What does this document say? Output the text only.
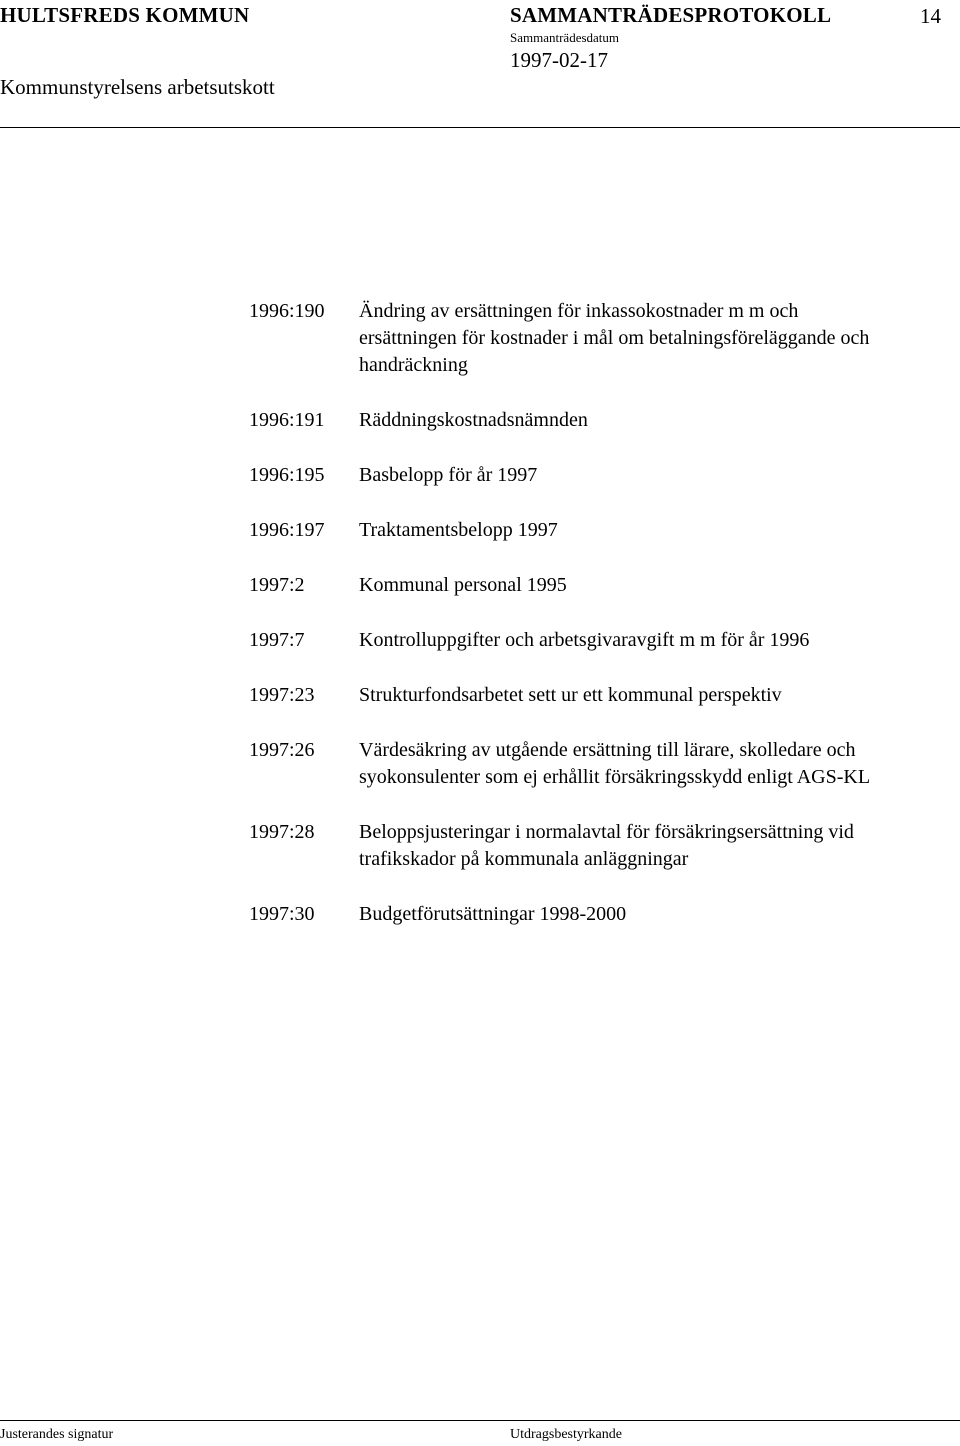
HULTSFREDS KOMMUN	SAMMANTRÄDESPROTOKOLL	14
Sammanträdesdatum
1997-02-17
Kommunstyrelsens arbetsutskott
1996:190	Ändring av ersättningen för inkassokostnader m m och
ersättningen för kostnader i mål om betalningsföreläggande och
handräckning
1996:191	Räddningskostnadsnämnden
1996:195	Basbelopp för år 1997
1996:197	Traktamentsbelopp 1997
1997:2	Kommunal personal 1995
1997:7	Kontrolluppgifter och arbetsgivaravgift m m för år 1996
1997:23	Strukturfondsarbetet sett ur ett kommunal perspektiv
1997:26	Värdesäkring av utgående ersättning till lärare, skolledare och
syokonsulenter som ej erhållit försäkringsskydd enligt AGS-KL
1997:28	Beloppsjusteringar i normalavtal för försäkringsersättning vid
trafikskador på kommunala anläggningar
1997:30	Budgetförutsättningar 1998-2000
Justerandes signatur	Utdragsbestyrkande
